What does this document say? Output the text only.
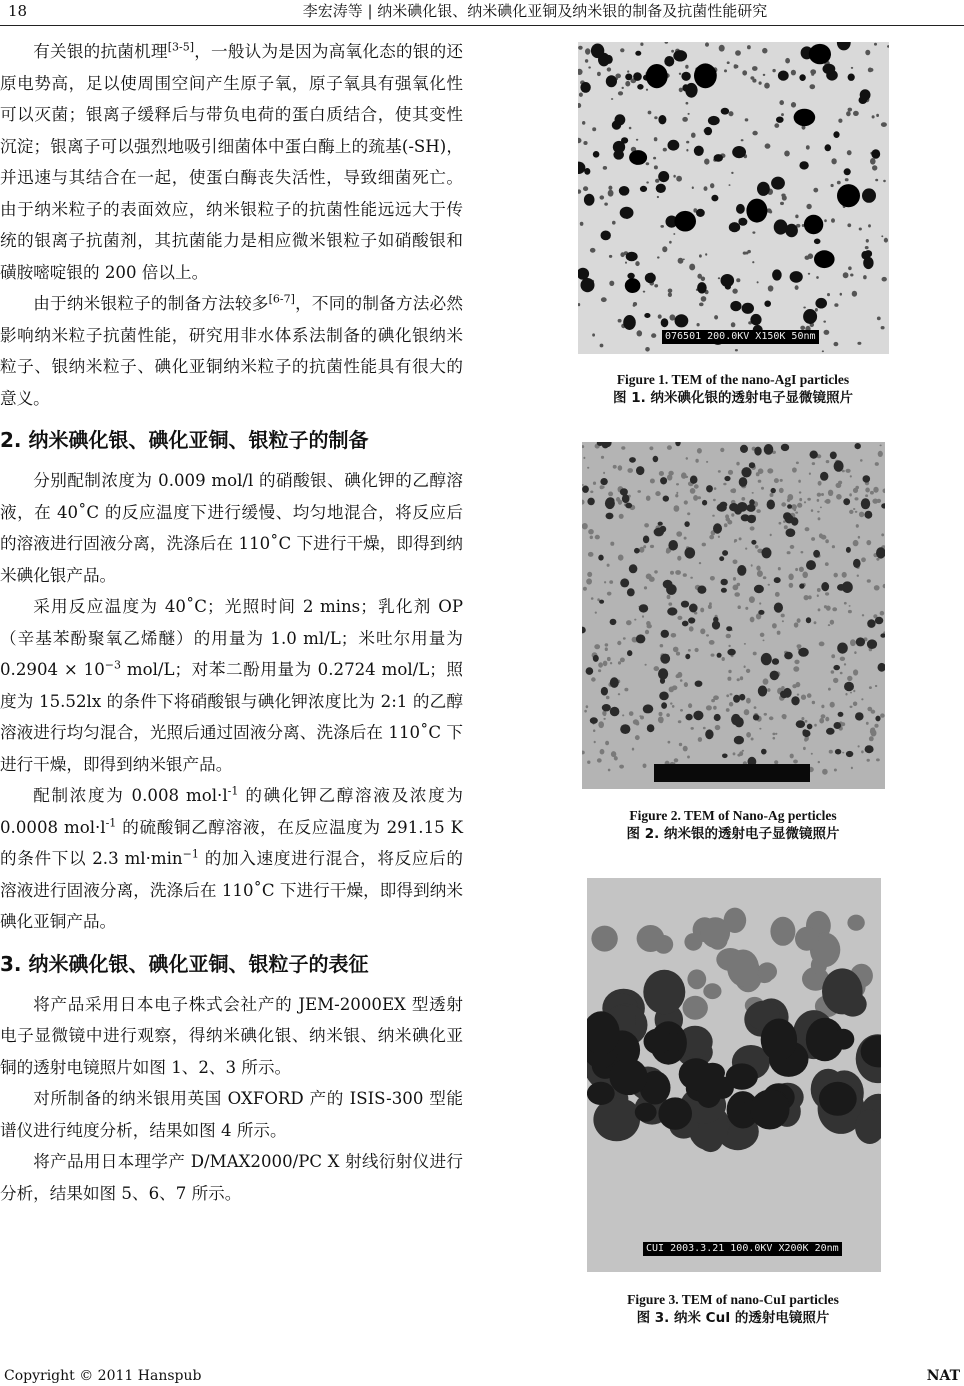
18	李宏涛等 | 纳米碘化银、纳米碘化亚铜及纳米银的制备及抗菌性能研究

有关银的抗菌机理[3-5]，一般认为是因为高氧化态的银的还原电势高，足以使周围空间产生原子氧，原子氧具有强氧化性可以灭菌；银离子缓释后与带负电荷的蛋白质结合，使其变性沉淀；银离子可以强烈地吸引细菌体中蛋白酶上的巯基(-SH)，并迅速与其结合在一起，使蛋白酶丧失活性，导致细菌死亡。由于纳米粒子的表面效应，纳米银粒子的抗菌性能远远大于传统的银离子抗菌剂，其抗菌能力是相应微米银粒子如硝酸银和磺胺嘧啶银的 200 倍以上。

由于纳米银粒子的制备方法较多[6-7]，不同的制备方法必然影响纳米粒子抗菌性能，研究用非水体系法制备的碘化银纳米粒子、银纳米粒子、碘化亚铜纳米粒子的抗菌性能具有很大的意义。

2. 纳米碘化银、碘化亚铜、银粒子的制备

分别配制浓度为 0.009 mol/l 的硝酸银、碘化钾的乙醇溶液，在 40˚C 的反应温度下进行缓慢、均匀地混合，将反应后的溶液进行固液分离，洗涤后在 110˚C 下进行干燥，即得到纳米碘化银产品。

采用反应温度为 40˚C；光照时间 2 mins；乳化剂 OP（辛基苯酚聚氧乙烯醚）的用量为 1.0 ml/L；米吐尔用量为 $0.2904 \times 10^{-3}$ mol/L；对苯二酚用量为 0.2724 mol/L；照度为 15.52lx 的条件下将硝酸银与碘化钾浓度比为 2:1 的乙醇溶液进行均匀混合，光照后通过固液分离、洗涤后在 110˚C 下进行干燥，即得到纳米银产品。

配制浓度为 0.008 $mol\cdot l^{-1}$ 的碘化钾乙醇溶液及浓度为 0.0008 $mol\cdot l^{-1}$ 的硫酸铜乙醇溶液，在反应温度为 291.15 K 的条件下以 2.3 $ml\cdot\min^{-1}$ 的加入速度进行混合，将反应后的溶液进行固液分离，洗涤后在 110˚C 下进行干燥，即得到纳米碘化亚铜产品。

3. 纳米碘化银、碘化亚铜、银粒子的表征

将产品采用日本电子株式会社产的 JEM-2000EX 型透射电子显微镜中进行观察，得纳米碘化银、纳米银、纳米碘化亚铜的透射电镜照片如图 1、2、3 所示。

对所制备的纳米银用英国 OXFORD 产的 ISIS-300 型能谱仪进行纯度分析，结果如图 4 所示。

将产品用日本理学产 D/MAX2000/PC X 射线衍射仪进行分析，结果如图 5、6、7 所示。

076501 200.0KV X150K 50nm
Figure 1. TEM of the nano-AgI particles
图 1. 纳米碘化银的透射电子显微镜照片
Figure 2. TEM of Nano-Ag perticles
图 2. 纳米银的透射电子显微镜照片
CUI 2003.3.21 100.0KV X200K 20nm
Figure 3. TEM of nano-CuI particles
图 3. 纳米 CuI 的透射电镜照片
Copyright © 2011 Hanspub	NAT
